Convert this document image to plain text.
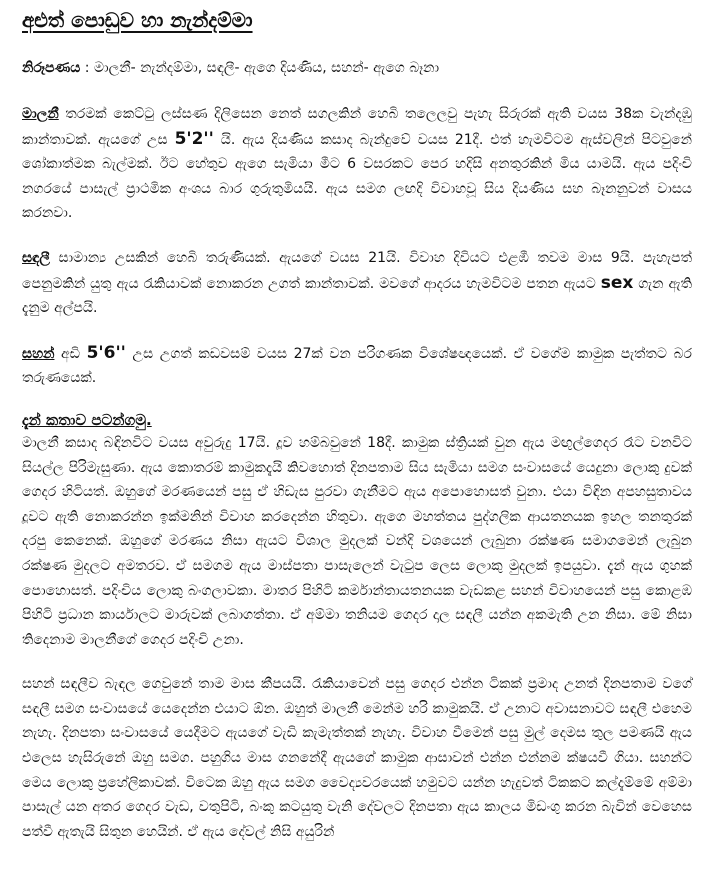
අළුත් පොඩුව හා නැන්දම්මා

නිරූපණය : මාලනී- නැන්දම්මා, සඳලී- ඇගෙ දියණිය, සහන්- ඇගෙ බෑනා

මාලනී තරමක් කෙට්ටු ලස්සණ දිලිසෙන නෙත් සගලකින් හෙබි තලෙලවු පැහැ සිරුරක් ඇති වයස 38ක වැන්දඹු කාන්තාවක්. ඇයගේ උස 5'2'' යි. ඇය දියණිය කසාද බැන්දුවේ වයස 21දී. එත් හැමවිටම ඇස්වලින් පිටවුනේ ශෝකාත්මක බැල්මක්. ඊට හේතුව ඇගෙ සැමියා මීට 6 වසරකට පෙර හදිසි අනතුරකින් මිය යාමයි. ඇය පදිංචි නගරයේ පාසැල් ප්‍රාථමික අංශය බාර ගුරුතුමියයි. ඇය සමග ලඟදි විවාහවූ සිය දියණිය සහ බෑනනුවන් වාසය කරනවා.

සඳලී සාමාන්‍ය උසකින් හෙබි තරුණියක්. ඇයගේ වයස 21යි. විවාහ දිවියට එළඹී තවම මාස 9යි. පැහැපත් පෙනුමකින් යුතු ඇය රැකියාවක් නොකරන උගත් කාන්තාවක්. මවගේ ආදරය හැමවිටම පතන ඇයට sex ගැන ඇති දැනුම අල්පයි.

සහන් අඩි 5'6'' උස උගත් කඩවසම් වයස 27ක් වන පරිගණක විශේෂඥයෙක්. ඒ වගේම කාමුක පැත්තට බර තරුණයෙක්.

දැන් කතාව පටන්ගමු.

මාලනී කසාද බඳිනවිට වයස අවුරුදු 17යි. දූව හම්බවුනේ 18දී. කාමුක ස්ත්‍රියක් වුන ඇය මඟුල්ගෙදර රෑට වනවිට සියල්ල පිරිමැසුණා. ඇය කොතරම් කාමුකදැයි කිවහොත් දිනපතාම සිය සැමියා සමග සංවාසයේ යෙදුනා ලොකු දුවක් ගෙදර හිටියත්. ඔහුගේ මරණයෙන් පසු ඒ හිඩැස පුරවා ගැනීමට ඇය අපොහොසත් වුනා. එයා විඳින අපහසුතාවය දූවට ඇති නොකරන්න ඉක්මනින් විවාහ කරදෙන්න හිතුවා. ඇගෙ මහත්තය පුද්ගලික ආයතනයක ඉහල තනතුරක් දරපු කෙනෙක්. ඔහුගේ මරණය නිසා ඇයට විශාල මුදලක් වන්දි වශයෙන් ලැබුනා රක්ෂණ සමාගමෙන් ලැබුන රක්ෂණ මුදලට අමතරව. ඒ සමගම ඇය මාස්පතා පාසැලෙන් වැටුප ලෙස ලොකු මුදලක් ඉපයුවා. දැන් ඇය ගුහක් පොහොසත්. පදිංචිය ලොකු බංගලාවකා. මාතර පිහිටි කර්මාන්තායතනයක වැඩකළ සහන් විවාහයෙන් පසු කොළඹ පිහිටි ප්‍රධාන කාර්යාලට මාරුවක් ලබාගත්තා. ඒ අම්මා තනියම ගෙදර දාල සඳලී යන්න අකමැති උන නිසා. මේ නිසා තිදෙනාම මාලනීගේ ගෙදර පදිංචි උනා.

සහන් සඳලීව බැඳල ගෙවුනේ තාම මාස කීපයයි. රැකියාවෙන් පසු ගෙදර එන්න ටිකක් ප්‍රමාද උනත් දිනපතාම වගේ සඳලී සමග සංවාසයේ යෙදෙන්න එයාට ඕන. ඔහුත් මාලනී මෙන්ම හරි කාමුකයි. ඒ උනාට අවාසනාවට සඳලී එහෙම නැහැ. දිනපතා සංවාසයේ යෙදීමට ඇයගේ වැඩි කැමැත්තක් නැහැ. විවාහ වීමෙන් පසු මුල් දෙමස තුල පමණයි ඇය එලෙස හැසිරුනේ ඔහු සමග. පහුගිය මාස ගනනේදී ඇයගේ කාමුක ආසාවන් එන්න එන්නම ක්ෂයවී ගියා. සහන්ට මෙය ලොකු ප්‍රහේලිකාවක්. විටෙක ඔහු ඇය සමග වෛද්‍යවරයෙක් හමුවට යන්න හැදුවත් ටිකකට කල්දැම්මේ අම්මා පාසැල් යන අතර ගෙදර වැඩ, වතුපිටි, බංකු කටයුතු වැනි දේවලට දිනපතා ඇය කාලය මිඩංගු කරන බැවින් වෙහෙස පත්වී ඇතැයි සිතුන හෙයින්. ඒ ඇය දේවල් නිසි අයුරින්
